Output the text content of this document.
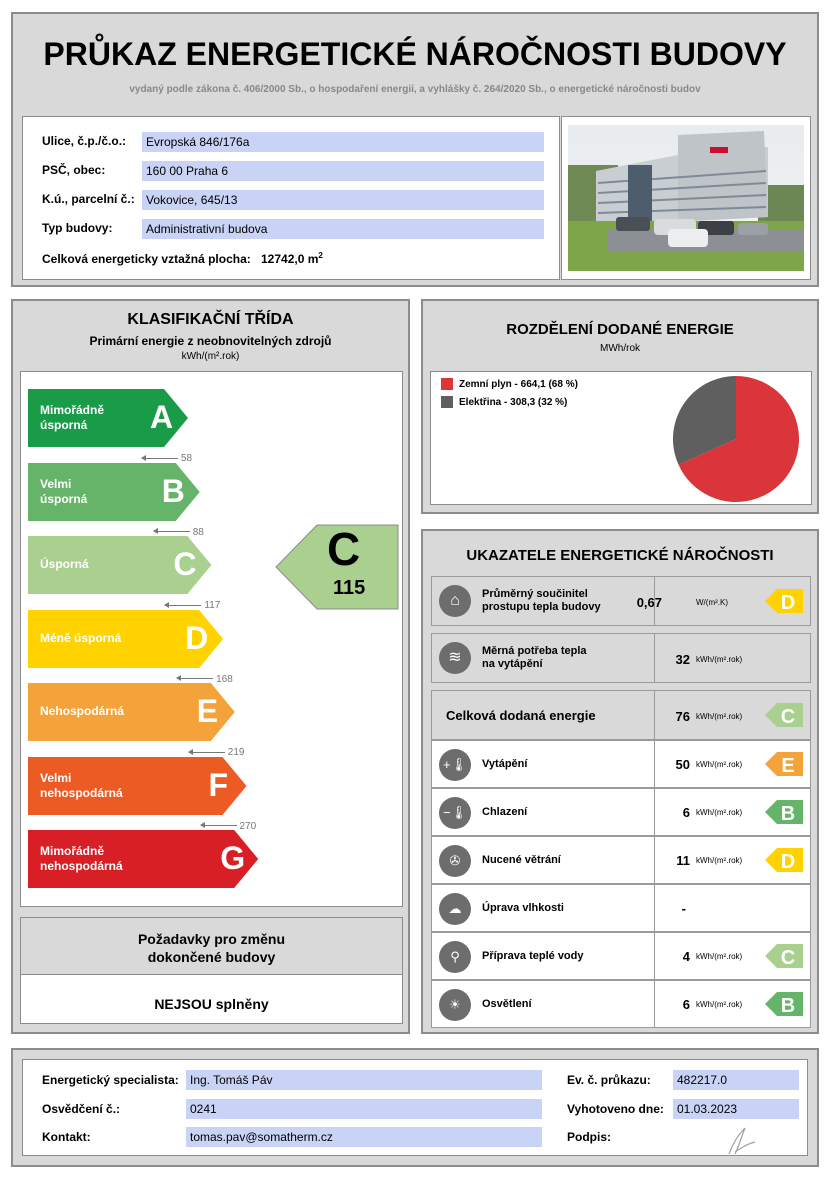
PRŮKAZ ENERGETICKÉ NÁROČNOSTI BUDOVY
vydaný podle zákona č. 406/2000 Sb., o hospodaření energií, a vyhlášky č. 264/2020 Sb., o energetické náročnosti budov
Ulice, č.p./č.o.:	Evropská 846/176a
PSČ, obec:	160 00 Praha 6
K.ú., parcelní č.: Vokovice, 645/13
Typ budovy:	Administrativní budova
Celková energeticky vztažná plocha: 12742,0 $m^2$
KLASIFIKAČNÍ TŘÍDA
Primární energie z neobnovitelných zdrojů
kWh/(m².rok)
Mimořádně
úsporná	A
58
Velmi
úsporná B
88
Úsporná	C
117
Méně úsporná D
168
Nehospodárná E
219
Velmi
nehospodárná	F
270
Mimořádně
nehospodárná	G
C
115
Požadavky pro změnu
dokončené budovy
NEJSOU splněny
ROZDĚLENÍ DODANÉ ENERGIE
MWh/rok
Zemní plyn - 664,1 (68 %)
Elektřina - 308,3 (32 %)
UKAZATELE ENERGETICKÉ NÁROČNOSTI
⌂	Průměrný součinitel
prostupu tepla budovy	0,67	W/(m².K)	D
≋	Měrná potřeba tepla
na vytápění	32 kWh/(m².rok)
Celková dodaná energie	76 kWh/(m².rok) C
+🌡	Vytápění	50 kWh/(m².rok) E
−🌡	Chlazení	6 kWh/(m².rok) B
✇	Nucené větrání	11 kWh/(m².rok) D
☁	Úprava vlhkosti	-
⚲	Příprava teplé vody	4 kWh/(m².rok) C
☀	Osvětlení	6 kWh/(m².rok) B
Energetický specialista: Ing. Tomáš Páv
Osvědčení č.:	0241
Kontakt:	tomas.pav@somatherm.cz
Ev. č. průkazu:	482217.0
Vyhotoveno dne:	01.03.2023
Podpis:
